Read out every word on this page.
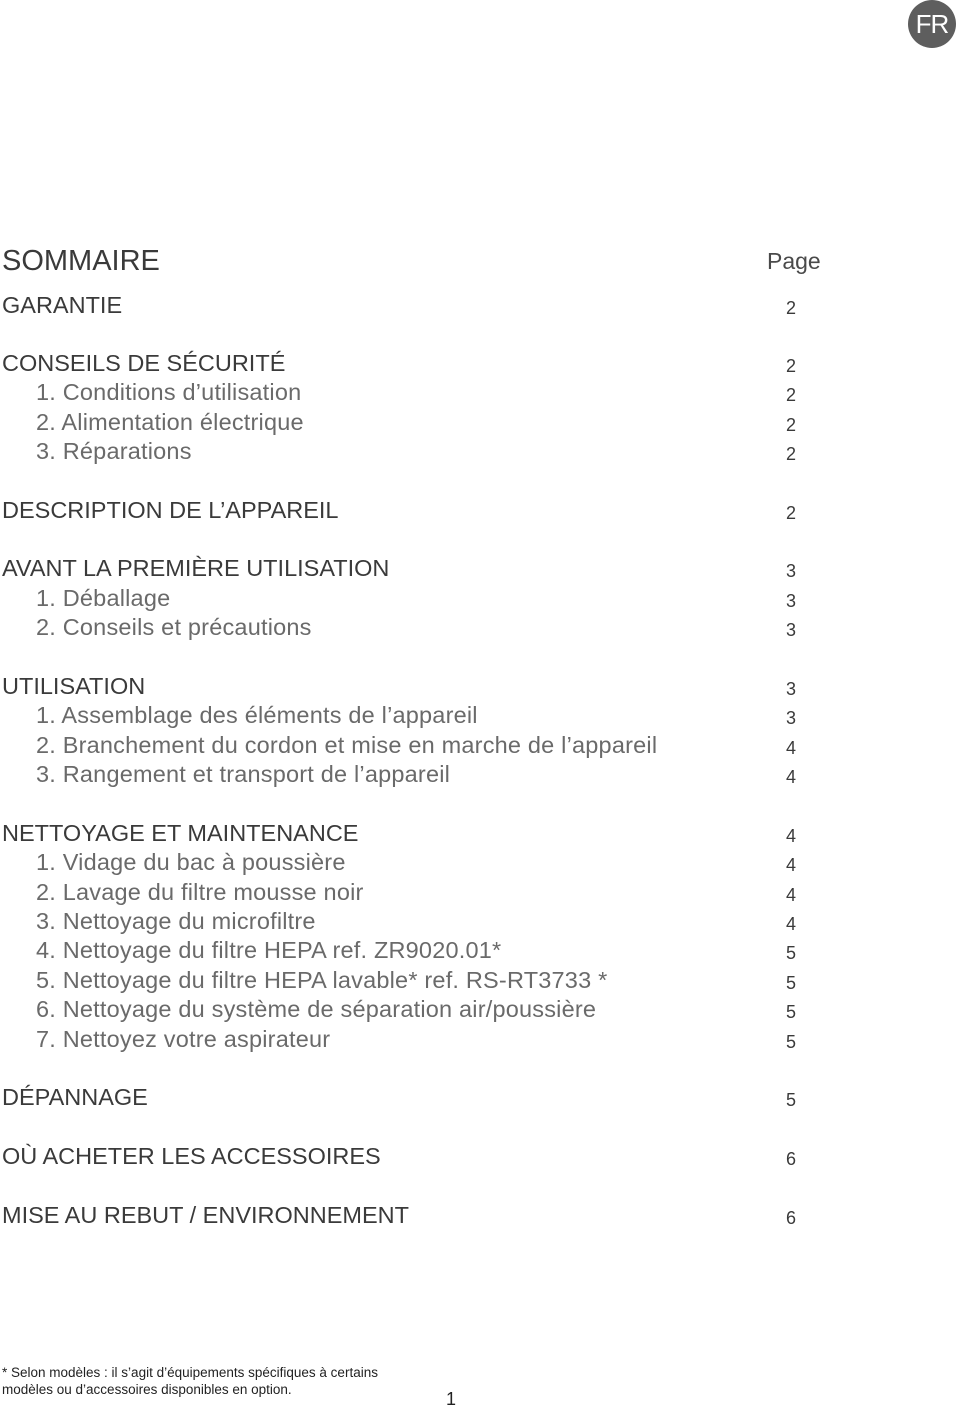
FR
SOMMAIRE	Page
GARANTIE	2
CONSEILS DE SÉCURITÉ	2
1. Conditions d’utilisation	2
2. Alimentation électrique	2
3. Réparations	2
DESCRIPTION DE L’APPAREIL	2
AVANT LA PREMIÈRE UTILISATION	3
1. Déballage	3
2. Conseils et précautions	3
UTILISATION	3
1. Assemblage des éléments de l’appareil	3
2. Branchement du cordon et mise en marche de l’appareil	4
3. Rangement et transport de l’appareil	4
NETTOYAGE ET MAINTENANCE	4
1. Vidage du bac à poussière	4
2. Lavage du filtre mousse noir	4
3. Nettoyage du microfiltre	4
4. Nettoyage du filtre HEPA ref. ZR9020.01*	5
5. Nettoyage du filtre HEPA lavable* ref. RS-RT3733 *	5
6. Nettoyage du système de séparation air/poussière	5
7. Nettoyez votre aspirateur	5
DÉPANNAGE	5
OÙ ACHETER LES ACCESSOIRES	6
MISE AU REBUT / ENVIRONNEMENT	6
* Selon modèles : il s’agit d’équipements spécifiques à certains modèles ou d’accessoires disponibles en option.	1
